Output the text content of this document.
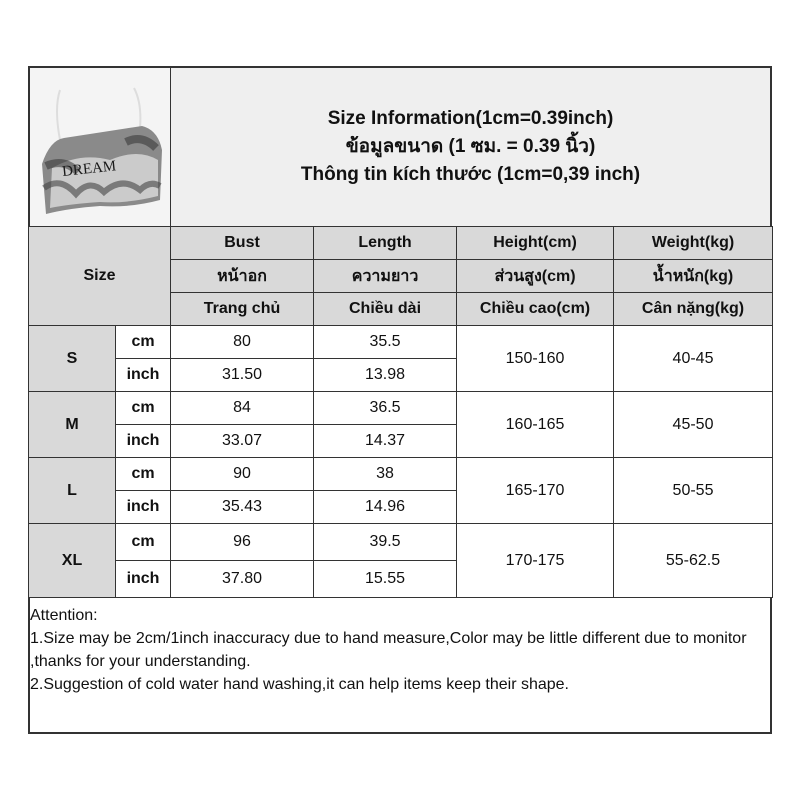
DREAM
Size Information(1cm=0.39inch)
ข้อมูลขนาด (1 ซม. = 0.39 นิ้ว)
Thông tin kích thước (1cm=0,39 inch)
Size		Bust	Length	Height(cm)	Weight(kg)
		หน้าอก	ความยาว	ส่วนสูง(cm)	น้ำหนัก(kg)
		Trang chủ	Chiều dài	Chiều cao(cm)	Cân nặng(kg)
S	cm	80	35.5	150-160	40-45
	inch	31.50	13.98		
M	cm	84	36.5	160-165	45-50
	inch	33.07	14.37		
L	cm	90	38	165-170	50-55
	inch	35.43	14.96		
XL	cm	96	39.5	170-175	55-62.5
	inch	37.80	15.55		

Attention:

1.Size may be 2cm/1inch inaccuracy due to hand measure,Color may be little different due to monitor ,thanks for your understanding.

2.Suggestion of cold water hand washing,it can help items keep their shape.
